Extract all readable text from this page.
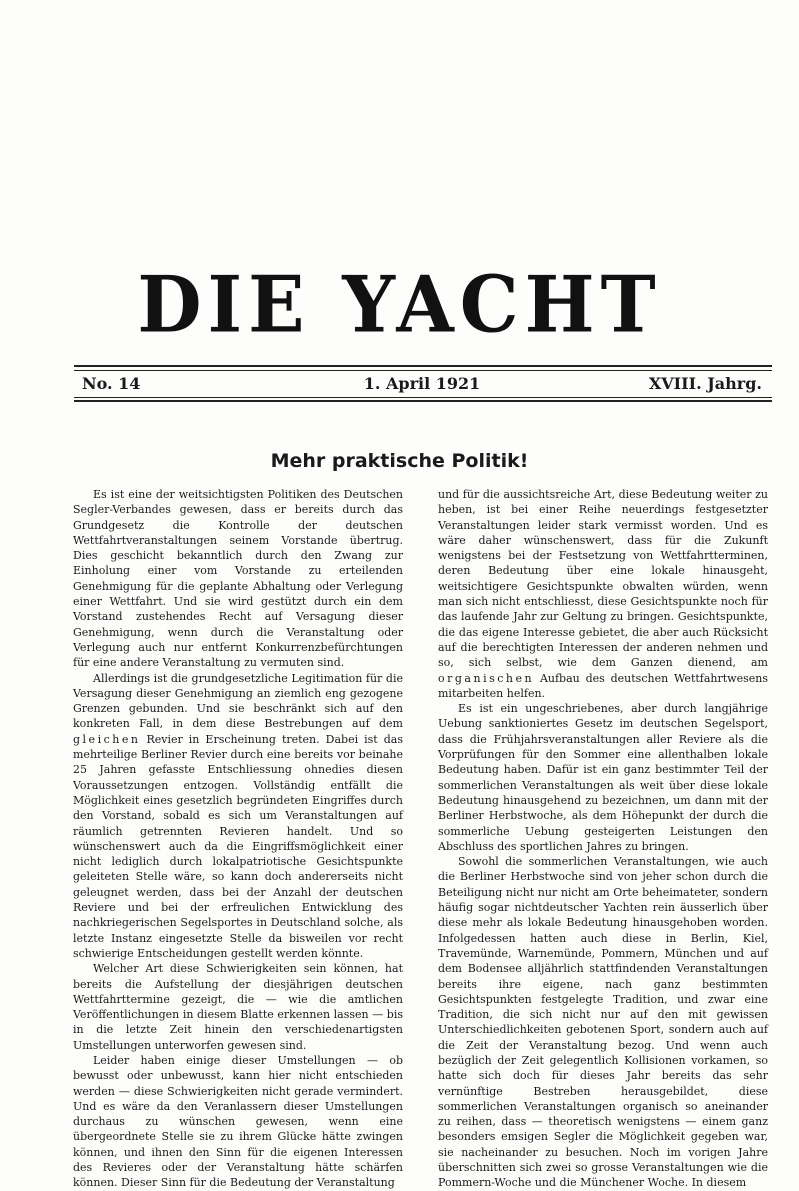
DIE YACHT
No. 14	1. April 1921	XVIII. Jahrg.
Mehr praktische Politik!

Es ist eine der weitsichtigsten Politiken des Deutschen Segler-Verbandes gewesen, dass er bereits durch das Grundgesetz die Kontrolle der deutschen Wettfahrtveranstaltungen seinem Vorstande übertrug. Dies geschicht bekanntlich durch den Zwang zur Einholung einer vom Vorstande zu erteilenden Genehmigung für die geplante Abhaltung oder Verlegung einer Wettfahrt. Und sie wird gestützt durch ein dem Vorstand zustehendes Recht auf Versagung dieser Genehmigung, wenn durch die Veranstaltung oder Verlegung auch nur entfernt Konkurrenzbefürchtungen für eine andere Veranstaltung zu vermuten sind.

Allerdings ist die grundgesetzliche Legitimation für die Versagung dieser Genehmigung an ziemlich eng gezogene Grenzen gebunden. Und sie beschränkt sich auf den konkreten Fall, in dem diese Bestrebungen auf dem gleichen Revier in Erscheinung treten. Dabei ist das mehrteilige Berliner Revier durch eine bereits vor beinahe 25 Jahren gefasste Entschliessung ohnedies diesen Voraussetzungen entzogen. Vollständig entfällt die Möglichkeit eines gesetzlich begründeten Eingriffes durch den Vorstand, sobald es sich um Veranstaltungen auf räumlich getrennten Revieren handelt. Und so wünschenswert auch da die Eingriffsmöglichkeit einer nicht lediglich durch lokalpatriotische Gesichtspunkte geleiteten Stelle wäre, so kann doch andererseits nicht geleugnet werden, dass bei der Anzahl der deutschen Reviere und bei der erfreulichen Entwicklung des nachkriegerischen Segelsportes in Deutschland solche, als letzte Instanz eingesetzte Stelle da bisweilen vor recht schwierige Entscheidungen gestellt werden könnte.

Welcher Art diese Schwierigkeiten sein können, hat bereits die Aufstellung der diesjährigen deutschen Wettfahrttermine gezeigt, die — wie die amtlichen Veröffentlichungen in diesem Blatte erkennen lassen — bis in die letzte Zeit hinein den verschiedenartigsten Umstellungen unterworfen gewesen sind.

Leider haben einige dieser Umstellungen — ob bewusst oder unbewusst, kann hier nicht entschieden werden — diese Schwierigkeiten nicht gerade vermindert. Und es wäre da den Veranlassern dieser Umstellungen durchaus zu wünschen gewesen, wenn eine übergeordnete Stelle sie zu ihrem Glücke hätte zwingen können, und ihnen den Sinn für die eigenen Interessen des Revieres oder der Veranstaltung hätte schärfen können. Dieser Sinn für die Bedeutung der Veranstaltung

und für die aussichtsreiche Art, diese Bedeutung weiter zu heben, ist bei einer Reihe neuerdings festgesetzter Veranstaltungen leider stark vermisst worden. Und es wäre daher wünschenswert, dass für die Zukunft wenigstens bei der Festsetzung von Wettfahrtterminen, deren Bedeutung über eine lokale hinausgeht, weitsichtigere Gesichtspunkte obwalten würden, wenn man sich nicht entschliesst, diese Gesichtspunkte noch für das laufende Jahr zur Geltung zu bringen. Gesichtspunkte, die das eigene Interesse gebietet, die aber auch Rücksicht auf die berechtigten Interessen der anderen nehmen und so, sich selbst, wie dem Ganzen dienend, am organischen Aufbau des deutschen Wettfahrtwesens mitarbeiten helfen.

Es ist ein ungeschriebenes, aber durch langjährige Uebung sanktioniertes Gesetz im deutschen Segelsport, dass die Frühjahrsveranstaltungen aller Reviere als die Vorprüfungen für den Sommer eine allenthalben lokale Bedeutung haben. Dafür ist ein ganz bestimmter Teil der sommerlichen Veranstaltungen als weit über diese lokale Bedeutung hinausgehend zu bezeichnen, um dann mit der Berliner Herbstwoche, als dem Höhepunkt der durch die sommerliche Uebung gesteigerten Leistungen den Abschluss des sportlichen Jahres zu bringen.

Sowohl die sommerlichen Veranstaltungen, wie auch die Berliner Herbstwoche sind von jeher schon durch die Beteiligung nicht nur nicht am Orte beheimateter, sondern häufig sogar nichtdeutscher Yachten rein äusserlich über diese mehr als lokale Bedeutung hinausgehoben worden. Infolgedessen hatten auch diese in Berlin, Kiel, Travemünde, Warnemünde, Pommern, München und auf dem Bodensee alljährlich stattfindenden Veranstaltungen bereits ihre eigene, nach ganz bestimmten Gesichtspunkten festgelegte Tradition, und zwar eine Tradition, die sich nicht nur auf den mit gewissen Unterschiedlichkeiten gebotenen Sport, sondern auch auf die Zeit der Veranstaltung bezog. Und wenn auch bezüglich der Zeit gelegentlich Kollisionen vorkamen, so hatte sich doch für dieses Jahr bereits das sehr vernünftige Bestreben herausgebildet, diese sommerlichen Veranstaltungen organisch so aneinander zu reihen, dass — theoretisch wenigstens — einem ganz besonders emsigen Segler die Möglichkeit gegeben war, sie nacheinander zu besuchen. Noch im vorigen Jahre überschnitten sich zwei so grosse Veranstaltungen wie die Pommern-Woche und die Münchener Woche. In diesem
